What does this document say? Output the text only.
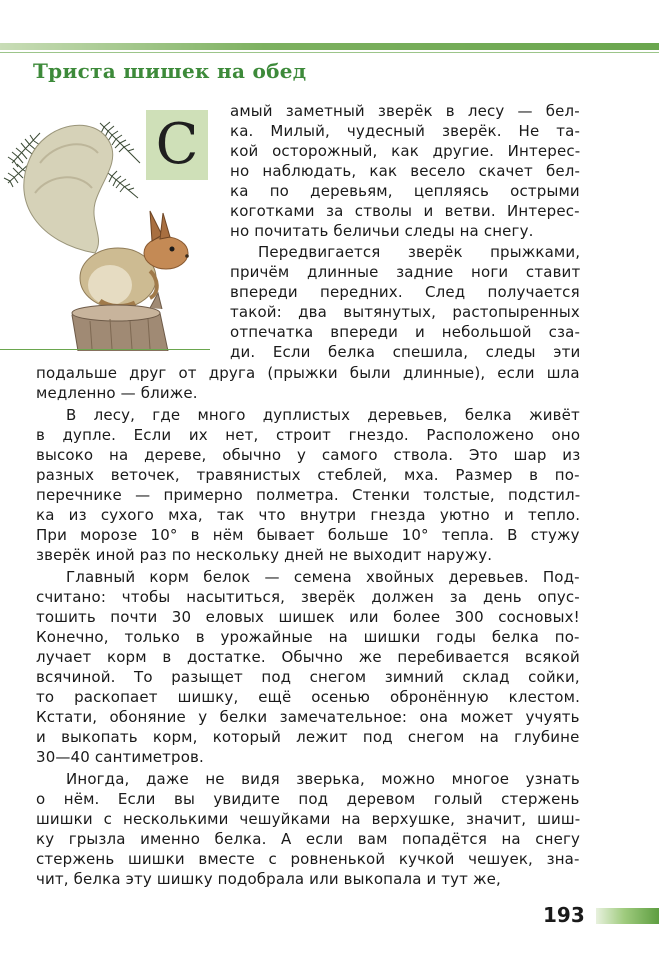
Триста шишек на обед
С
амый заметный зверёк в лесу — бел-
ка. Милый, чудесный зверёк. Не та-
кой осторожный, как другие. Интерес-
но наблюдать, как весело скачет бел-
ка по деревьям, цепляясь острыми
коготками за стволы и ветви. Интерес-
но почитать беличьи следы на снегу.
Передвигается зверёк прыжками,
причём длинные задние ноги ставит
впереди передних. След получается
такой: два вытянутых, растопыренных
отпечатка впереди и небольшой сза-
ди. Если белка спешила, следы эти
подальше друг от друга (прыжки были длинные), если шла
медленно — ближе.
В лесу, где много дуплистых деревьев, белка живёт
в дупле. Если их нет, строит гнездо. Расположено оно
высоко на дереве, обычно у самого ствола. Это шар из
разных веточек, травянистых стеблей, мха. Размер в по-
перечнике — примерно полметра. Стенки толстые, подстил-
ка из сухого мха, так что внутри гнезда уютно и тепло.
При морозе 10° в нём бывает больше 10° тепла. В стужу
зверёк иной раз по нескольку дней не выходит наружу.
Главный корм белок — семена хвойных деревьев. Под-
считано: чтобы насытиться, зверёк должен за день опус-
тошить почти 30 еловых шишек или более 300 сосновых!
Конечно, только в урожайные на шишки годы белка по-
лучает корм в достатке. Обычно же перебивается всякой
всячиной. То разыщет под снегом зимний склад сойки,
то раскопает шишку, ещё осенью обронённую клестом.
Кстати, обоняние у белки замечательное: она может учуять
и выкопать корм, который лежит под снегом на глубине
30—40 сантиметров.
Иногда, даже не видя зверька, можно многое узнать
о нём. Если вы увидите под деревом голый стержень
шишки с несколькими чешуйками на верхушке, значит, шиш-
ку грызла именно белка. А если вам попадётся на снегу
стержень шишки вместе с ровненькой кучкой чешуек, зна-
чит, белка эту шишку подобрала или выкопала и тут же,
193
